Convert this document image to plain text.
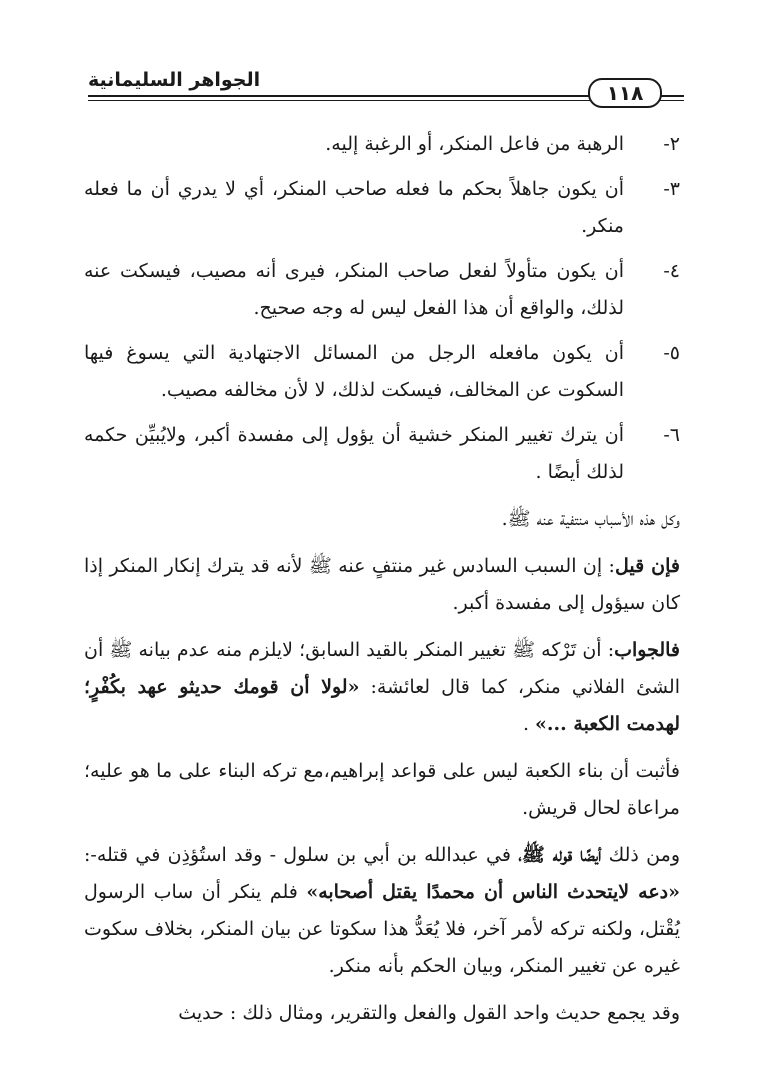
الجواهر السليمانية
١١٨
٢-
الرهبة من فاعل المنكر، أو الرغبة إليه.
٣-
أن يكون جاهلاً بحكم ما فعله صاحب المنكر، أي لا يدري أن ما فعله منكر.
٤-
أن يكون متأولاً لفعل صاحب المنكر، فيرى أنه مصيب، فيسكت عنه لذلك، والواقع أن هذا الفعل ليس له وجه صحيح.
٥-
أن يكون مافعله الرجل من المسائل الاجتهادية التي يسوغ فيها السكوت عن المخالف، فيسكت لذلك، لا لأن مخالفه مصيب.
٦-
أن يترك تغيير المنكر خشية أن يؤول إلى مفسدة أكبر، ولايُبيِّن حكمه لذلك أيضًا .

وكل هذه الأسباب منتفية عنه ﷺ.

فإن قيل: إن السبب السادس غير منتفٍ عنه ﷺ لأنه قد يترك إنكار المنكر إذا كان سيؤول إلى مفسدة أكبر.

فالجواب: أن تَرْكه ﷺ تغيير المنكر بالقيد السابق؛ لايلزم منه عدم بيانه ﷺ أن الشئ الفلاني منكر، كما قال لعائشة: «لولا أن قومك حديثو عهد بكُفْرٍ؛ لهدمت الكعبة ...» .

فأثبت أن بناء الكعبة ليس على قواعد إبراهيم،مع تركه البناء على ما هو عليه؛ مراعاة لحال قريش.

ومن ذلك أيضًا قوله ﷺ، في عبدالله بن أبي بن سلول - وقد استُؤذِن في قتله-: «دعه لايتحدث الناس أن محمدًا يقتل أصحابه» فلم ينكر أن ساب الرسول يُقْتل، ولكنه تركه لأمر آخر، فلا يُعَدُّ هذا سكوتا عن بيان المنكر، بخلاف سكوت غيره عن تغيير المنكر، وبيان الحكم بأنه منكر.

وقد يجمع حديث واحد القول والفعل والتقرير، ومثال ذلك : حديث
